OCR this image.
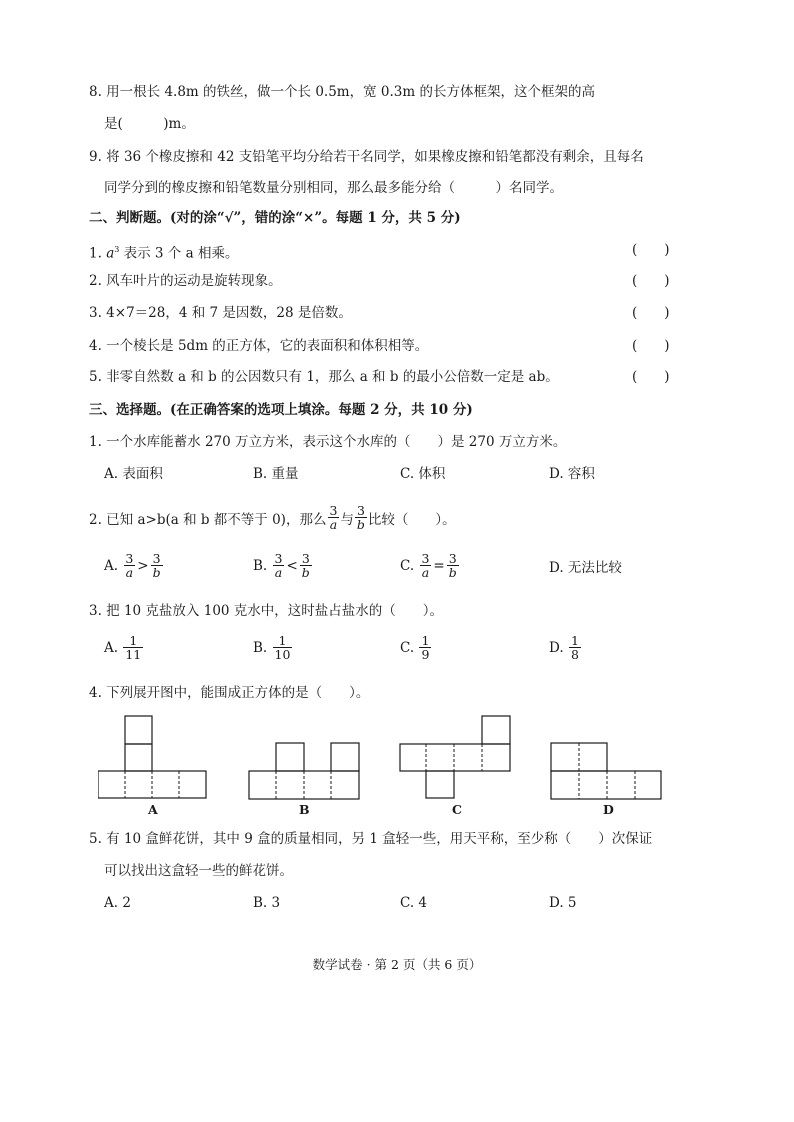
8. 用一根长 4.8m 的铁丝，做一个长 0.5m，宽 0.3m 的长方体框架，这个框架的高
是(　　　)m。
9. 将 36 个橡皮擦和 42 支铅笔平均分给若干名同学，如果橡皮擦和铅笔都没有剩余，且每名
同学分到的橡皮擦和铅笔数量分别相同，那么最多能分给（　　　）名同学。
二、判断题。(对的涂“√”，错的涂“×”。每题 1 分，共 5 分)
1. $a^3$ 表示 3 个 a 相乘。	(　　)
2. 风车叶片的运动是旋转现象。	(　　)
3. 4×7＝28，4 和 7 是因数，28 是倍数。	(　　)
4. 一个棱长是 5dm 的正方体，它的表面积和体积相等。	(　　)
5. 非零自然数 a 和 b 的公因数只有 1，那么 a 和 b 的最小公倍数一定是 ab。	(　　)
三、选择题。(在正确答案的选项上填涂。每题 2 分，共 10 分)
1. 一个水库能蓄水 270 万立方米，表示这个水库的（　　）是 270 万立方米。
A. 表面积	B. 重量	C. 体积	D. 容积
2. 已知 a>b(a 和 b 都不等于 0)，那么 $\frac{3}{a}$ 与 $\frac{3}{b}$ 比较（　　）。
A.
$\frac{3}{a} > \frac{3}{b}$	B.
$\frac{3}{a} < \frac{3}{b}$	C.
$\frac{3}{a} = \frac{3}{b}$	D. 无法比较
3. 把 10 克盐放入 100 克水中，这时盐占盐水的（　　）。
A.
$\frac{1}{11}$	B.
$\frac{1}{10}$	C.
$\frac{1}{9}$	D.
$\frac{1}{8}$
4. 下列展开图中，能围成正方体的是（　　）。
A	B	C	D
5. 有 10 盒鲜花饼，其中 9 盒的质量相同，另 1 盒轻一些，用天平称，至少称（　　）次保证
可以找出这盒轻一些的鲜花饼。
A. 2	B. 3	C. 4	D. 5
数学试卷 · 第 2 页（共 6 页）
